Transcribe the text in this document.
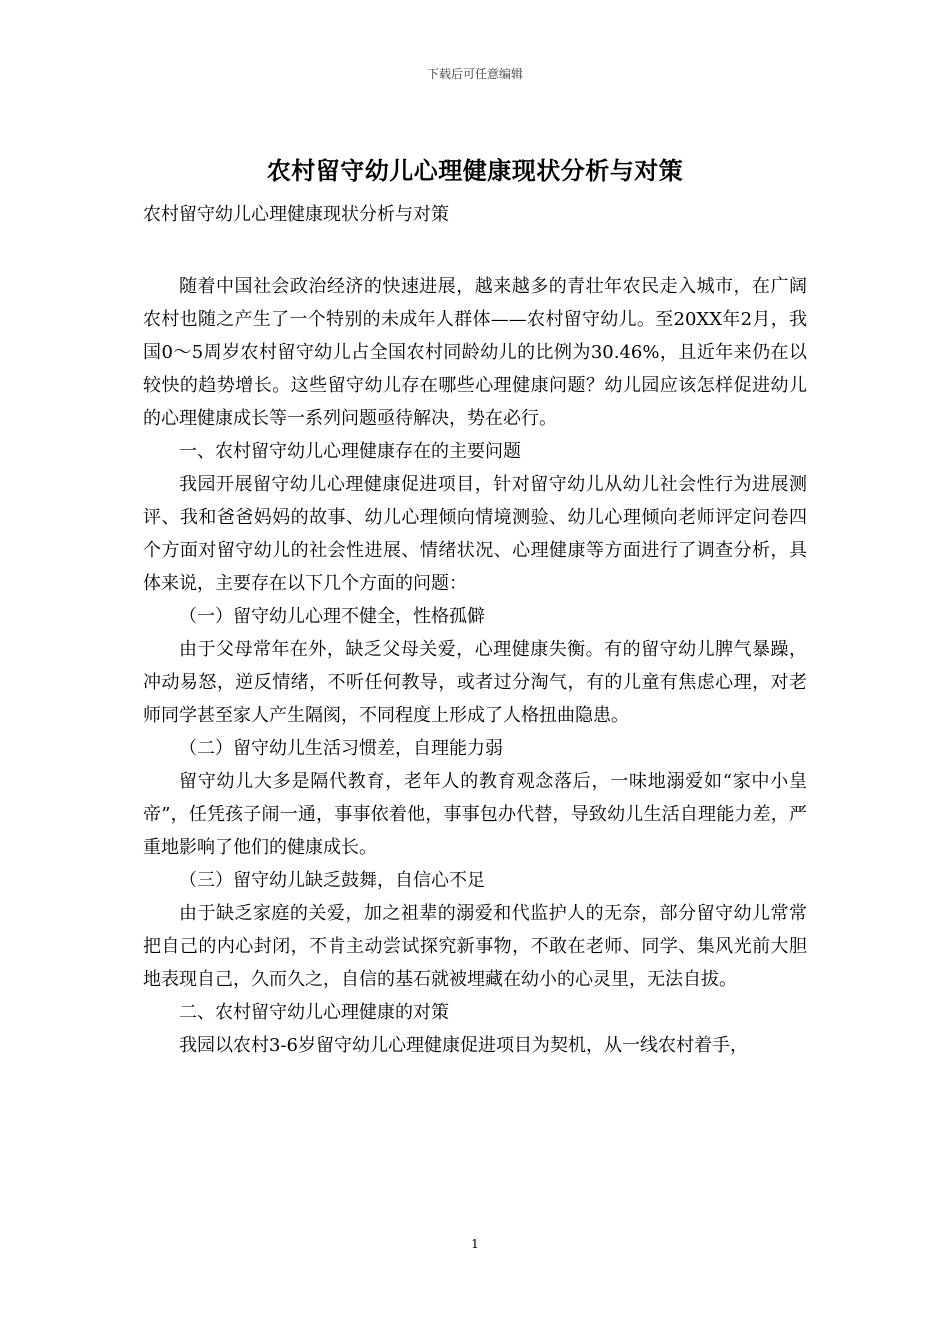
下载后可任意编辑
农村留守幼儿心理健康现状分析与对策
农村留守幼儿心理健康现状分析与对策

随着中国社会政治经济的快速进展，越来越多的青壮年农民走入城市，在广阔农村也随之产生了一个特别的未成年人群体——农村留守幼儿。至20XX年2月，我国0～5周岁农村留守幼儿占全国农村同龄幼儿的比例为30.46%，且近年来仍在以较快的趋势增长。这些留守幼儿存在哪些心理健康问题？幼儿园应该怎样促进幼儿的心理健康成长等一系列问题亟待解决，势在必行。

一、农村留守幼儿心理健康存在的主要问题

我园开展留守幼儿心理健康促进项目，针对留守幼儿从幼儿社会性行为进展测评、我和爸爸妈妈的故事、幼儿心理倾向情境测验、幼儿心理倾向老师评定问卷四个方面对留守幼儿的社会性进展、情绪状况、心理健康等方面进行了调查分析，具体来说，主要存在以下几个方面的问题：

（一）留守幼儿心理不健全，性格孤僻

由于父母常年在外，缺乏父母关爱，心理健康失衡。有的留守幼儿脾气暴躁，冲动易怒，逆反情绪，不听任何教导，或者过分淘气，有的儿童有焦虑心理，对老师同学甚至家人产生隔阂，不同程度上形成了人格扭曲隐患。

（二）留守幼儿生活习惯差，自理能力弱

留守幼儿大多是隔代教育，老年人的教育观念落后，一味地溺爱如“家中小皇帝”，任凭孩子闹一通，事事依着他，事事包办代替，导致幼儿生活自理能力差，严重地影响了他们的健康成长。

（三）留守幼儿缺乏鼓舞，自信心不足

由于缺乏家庭的关爱，加之祖辈的溺爱和代监护人的无奈，部分留守幼儿常常把自己的内心封闭，不肯主动尝试探究新事物，不敢在老师、同学、集风光前大胆地表现自己，久而久之，自信的基石就被埋藏在幼小的心灵里，无法自拔。

二、农村留守幼儿心理健康的对策

我园以农村3-6岁留守幼儿心理健康促进项目为契机，从一线农村着手，

1
